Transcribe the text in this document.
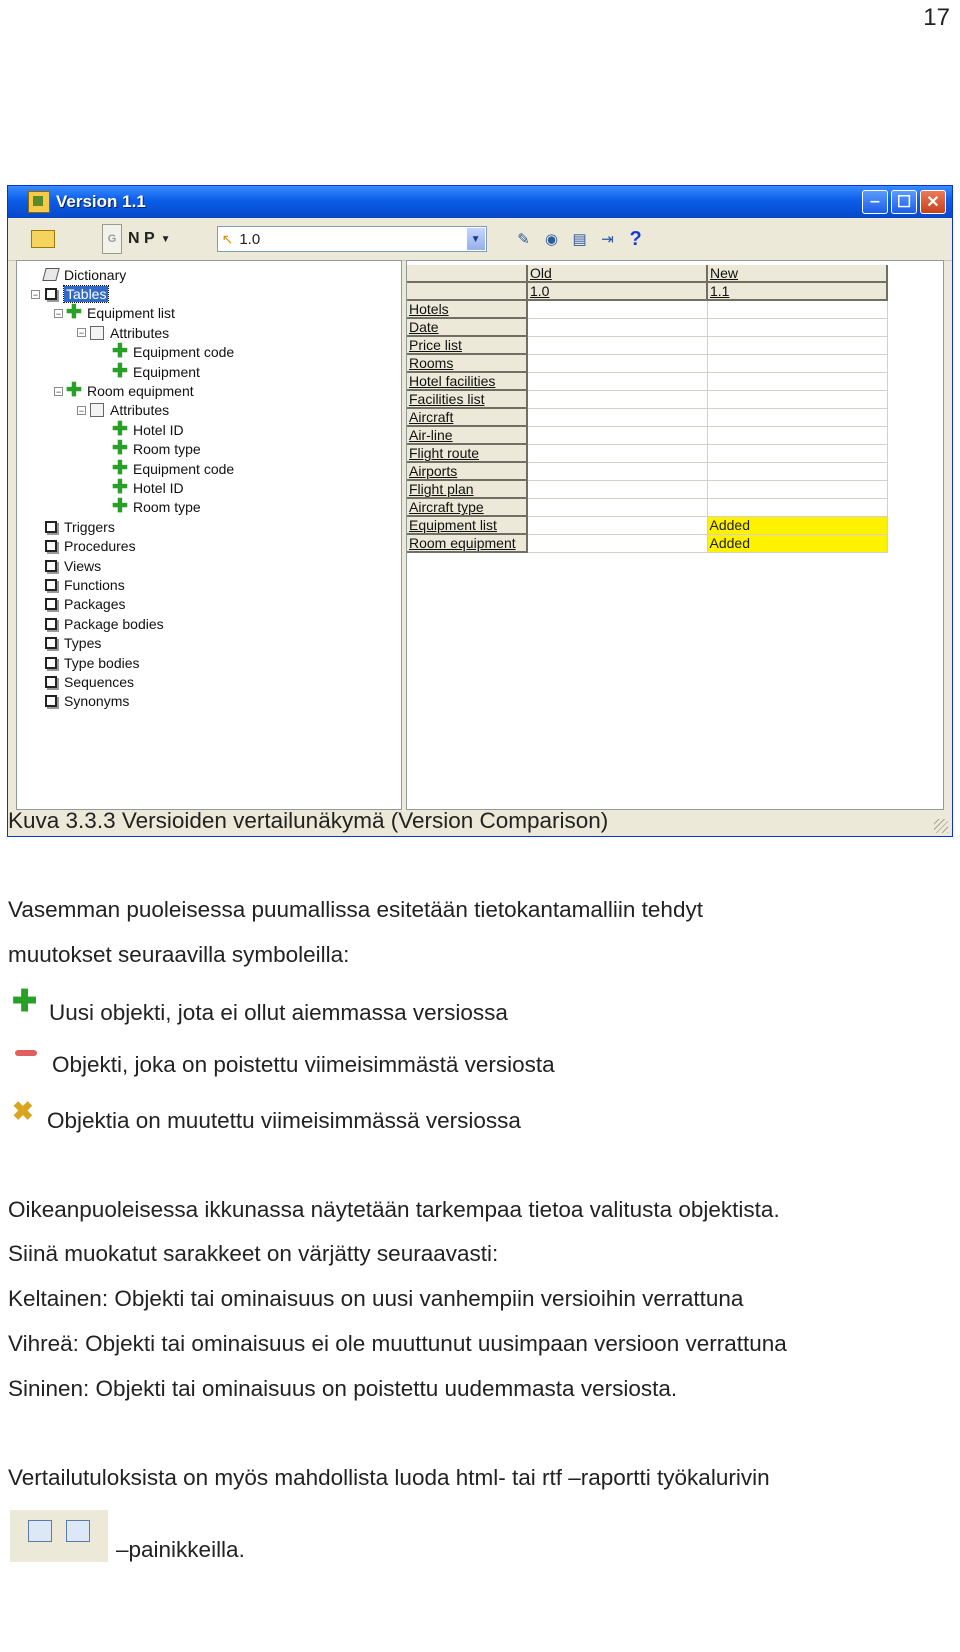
17
Version 1.1	‒ ☐ ✕
G N P ▼	↖ 1.0	▼ ✎ ◉ ▤ ⇥ ?
Dictionary
− Tables
− ✚ Equipment list
− Attributes
✚ Equipment code
✚ Equipment
− ✚ Room equipment
− Attributes
✚ Hotel ID
✚ Room type
✚ Equipment code
✚ Hotel ID
✚ Room type
Triggers
Procedures
Views
Functions
Packages
Package bodies
Types
Type bodies
Sequences
Synonyms
	Old	New
	1.0	1.1
Hotels		
Date		
Price list		
Rooms		
Hotel facilities		
Facilities list		
Aircraft		
Air-line		
Flight route		
Airports		
Flight plan		
Aircraft type		
Equipment list		Added
Room equipment		Added
Kuva 3.3.3 Versioiden vertailunäkymä (Version Comparison)
Vasemman puoleisessa puumallissa esitetään tietokantamalliin tehdyt
muutokset seuraavilla symboleilla:
✚ Uusi objekti, jota ei ollut aiemmassa versiossa
Objekti, joka on poistettu viimeisimmästä versiosta
✖ Objektia on muutettu viimeisimmässä versiossa
Oikeanpuoleisessa ikkunassa näytetään tarkempaa tietoa valitusta objektista.
Siinä muokatut sarakkeet on värjätty seuraavasti:
Keltainen: Objekti tai ominaisuus on uusi vanhempiin versioihin verrattuna
Vihreä: Objekti tai ominaisuus ei ole muuttunut uusimpaan versioon verrattuna
Sininen: Objekti tai ominaisuus on poistettu uudemmasta versiosta.
Vertailutuloksista on myös mahdollista luoda html- tai rtf –raportti työkalurivin
–painikkeilla.
